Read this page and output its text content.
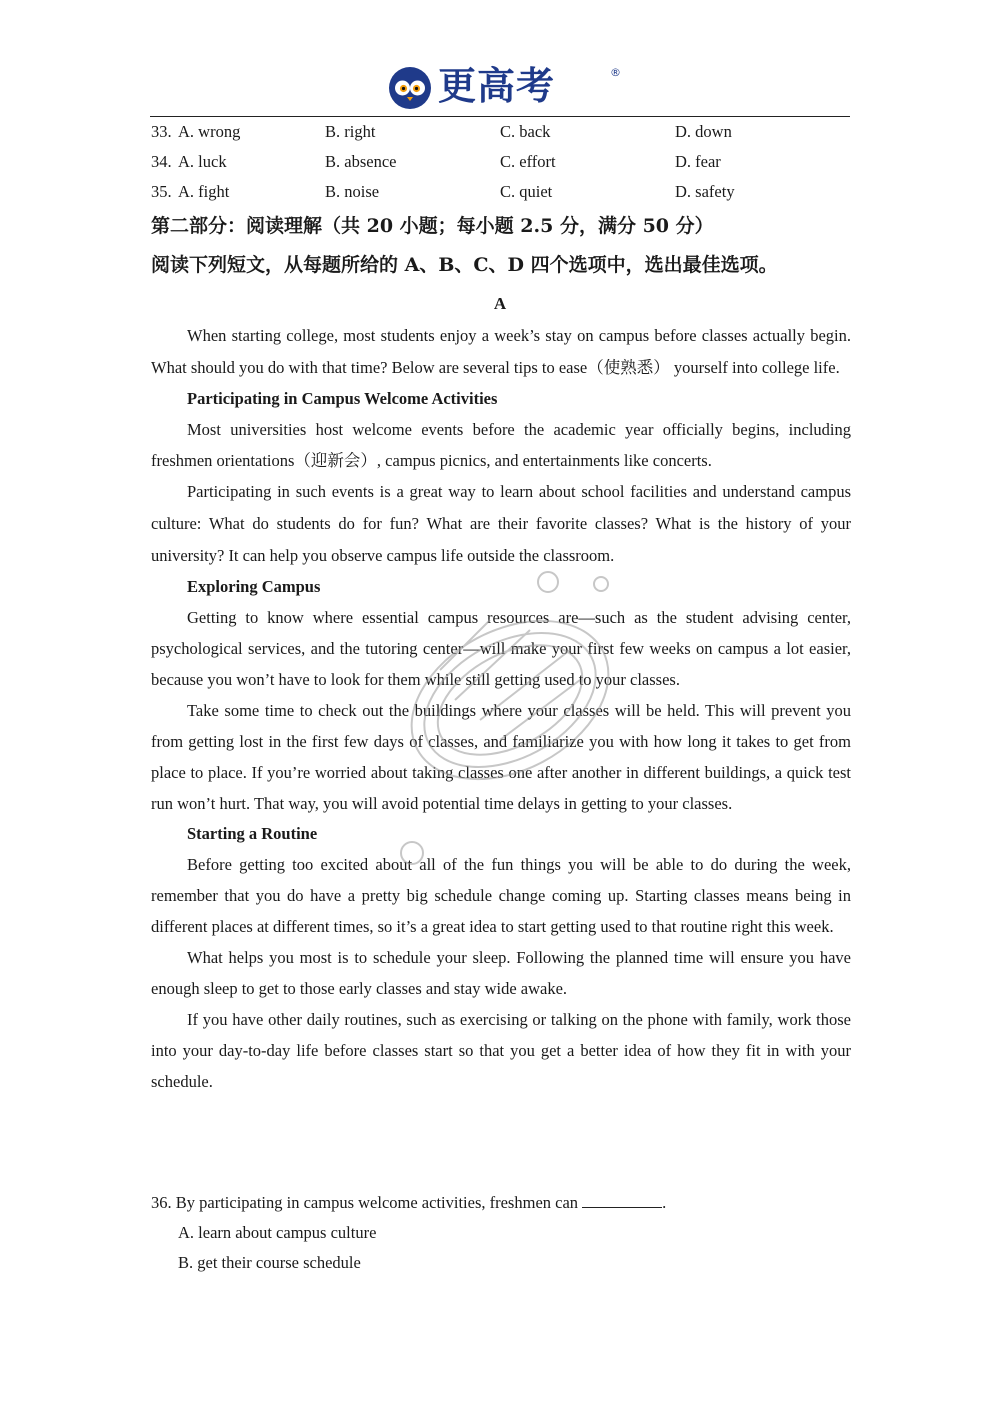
更高考	®
33. A. wrong	B. right	C. back	D. down
34. A. luck	B. absence	C. effort	D. fear
35. A. fight	B. noise	C. quiet	D. safety
第二部分：阅读理解（共 20 小题；每小题 2.5 分，满分 50 分）
阅读下列短文，从每题所给的 A、B、C、D 四个选项中，选出最佳选项。
A

When starting college, most students enjoy a week’s stay on campus before classes actually begin. What should you do with that time? Below are several tips to ease（使熟悉） yourself into college life.

Participating in Campus Welcome Activities

Most universities host welcome events before the academic year officially begins, including freshmen orientations（迎新会）, campus picnics, and entertainments like concerts.

Participating in such events is a great way to learn about school facilities and understand campus culture: What do students do for fun? What are their favorite classes? What is the history of your university? It can help you observe campus life outside the classroom.

Exploring Campus

Getting to know where essential campus resources are—such as the student advising center, psychological services, and the tutoring center—will make your first few weeks on campus a lot easier, because you won’t have to look for them while still getting used to your classes.

Take some time to check out the buildings where your classes will be held. This will prevent you from getting lost in the first few days of classes, and familiarize you with how long it takes to get from place to place. If you’re worried about taking classes one after another in different buildings, a quick test run won’t hurt. That way, you will avoid potential time delays in getting to your classes.

Starting a Routine

Before getting too excited about all of the fun things you will be able to do during the week, remember that you do have a pretty big schedule change coming up. Starting classes means being in different places at different times, so it’s a great idea to start getting used to that routine right this week.

What helps you most is to schedule your sleep. Following the planned time will ensure you have enough sleep to get to those early classes and stay wide awake.

If you have other daily routines, such as exercising or talking on the phone with family, work those into your day-to-day life before classes start so that you get a better idea of how they fit in with your schedule.

36. By participating in campus welcome activities, freshmen can	.

A. learn about campus culture

B. get their course schedule
